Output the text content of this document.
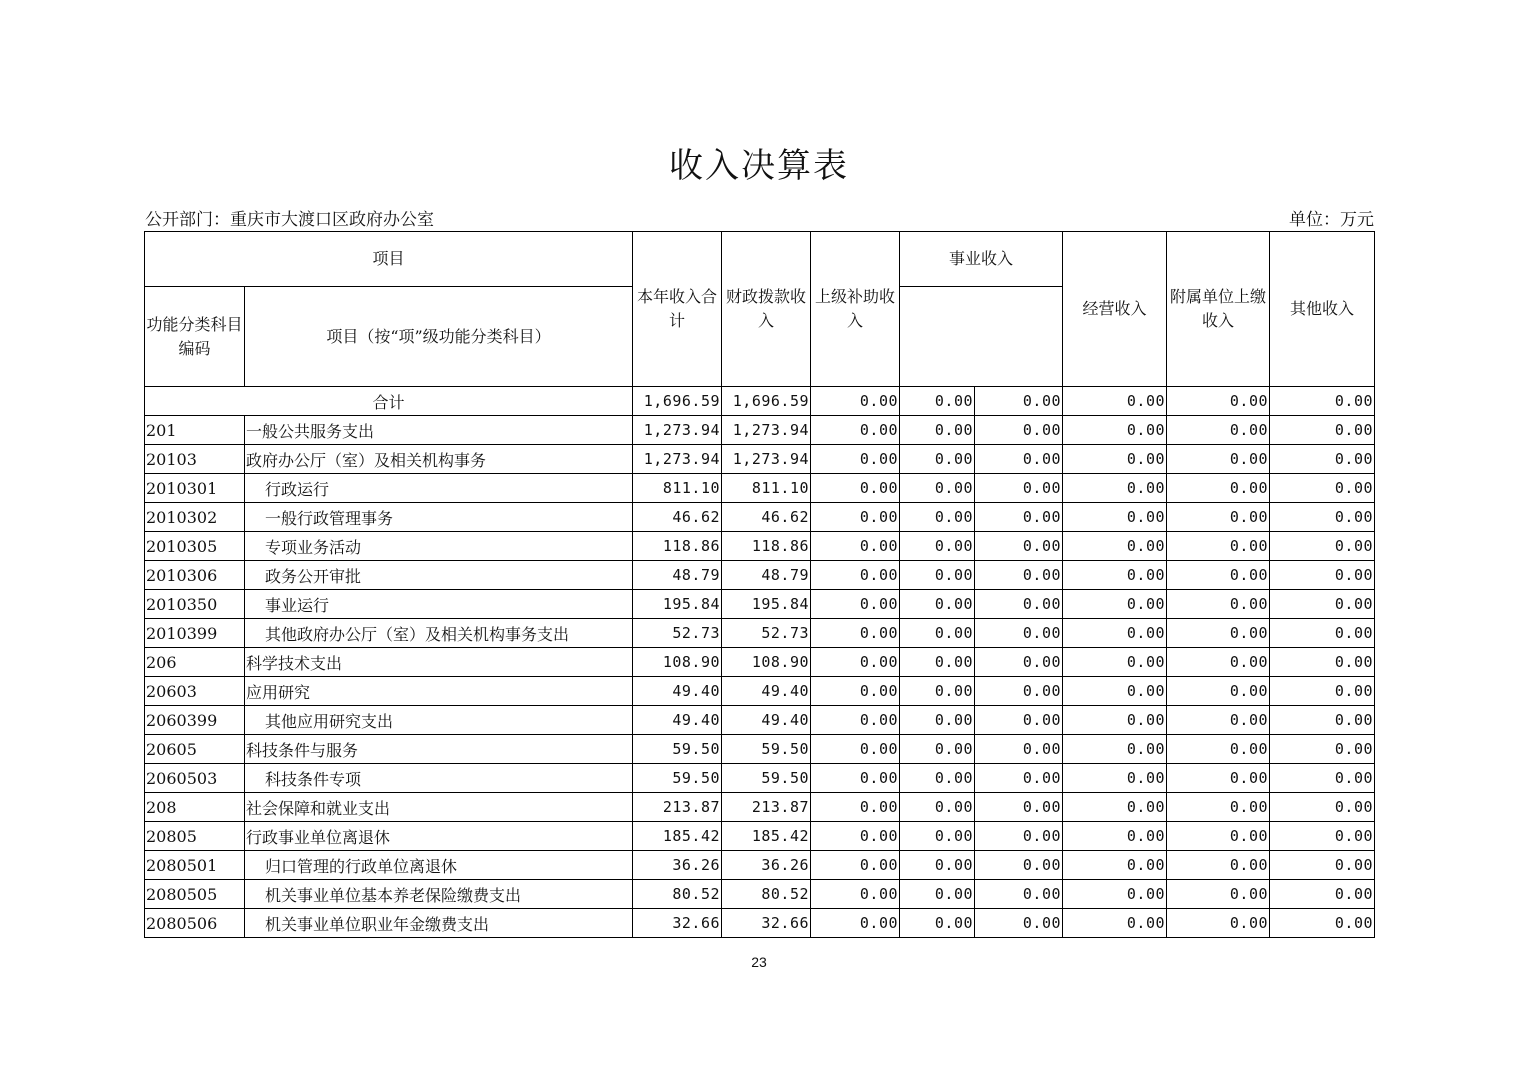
收入决算表
公开部门：重庆市大渡口区政府办公室	单位：万元
项目		本年收入合计	财政拨款收入	上级补助收入	事业收入		经营收入	附属单位上缴收入	其他收入
功能分类科目编码	项目（按“项”级功能分类科目）								

合计		1,696.59	1,696.59	0.00	0.00	0.00	0.00	0.00	0.00
201	一般公共服务支出	1,273.94	1,273.94	0.00	0.00	0.00	0.00	0.00	0.00
20103	政府办公厅（室）及相关机构事务	1,273.94	1,273.94	0.00	0.00	0.00	0.00	0.00	0.00
2010301	行政运行	811.10	811.10	0.00	0.00	0.00	0.00	0.00	0.00
2010302	一般行政管理事务	46.62	46.62	0.00	0.00	0.00	0.00	0.00	0.00
2010305	专项业务活动	118.86	118.86	0.00	0.00	0.00	0.00	0.00	0.00
2010306	政务公开审批	48.79	48.79	0.00	0.00	0.00	0.00	0.00	0.00
2010350	事业运行	195.84	195.84	0.00	0.00	0.00	0.00	0.00	0.00
2010399	其他政府办公厅（室）及相关机构事务支出	52.73	52.73	0.00	0.00	0.00	0.00	0.00	0.00
206	科学技术支出	108.90	108.90	0.00	0.00	0.00	0.00	0.00	0.00
20603	应用研究	49.40	49.40	0.00	0.00	0.00	0.00	0.00	0.00
2060399	其他应用研究支出	49.40	49.40	0.00	0.00	0.00	0.00	0.00	0.00
20605	科技条件与服务	59.50	59.50	0.00	0.00	0.00	0.00	0.00	0.00
2060503	科技条件专项	59.50	59.50	0.00	0.00	0.00	0.00	0.00	0.00
208	社会保障和就业支出	213.87	213.87	0.00	0.00	0.00	0.00	0.00	0.00
20805	行政事业单位离退休	185.42	185.42	0.00	0.00	0.00	0.00	0.00	0.00
2080501	归口管理的行政单位离退休	36.26	36.26	0.00	0.00	0.00	0.00	0.00	0.00
2080505	机关事业单位基本养老保险缴费支出	80.52	80.52	0.00	0.00	0.00	0.00	0.00	0.00
2080506	机关事业单位职业年金缴费支出	32.66	32.66	0.00	0.00	0.00	0.00	0.00	0.00
23
